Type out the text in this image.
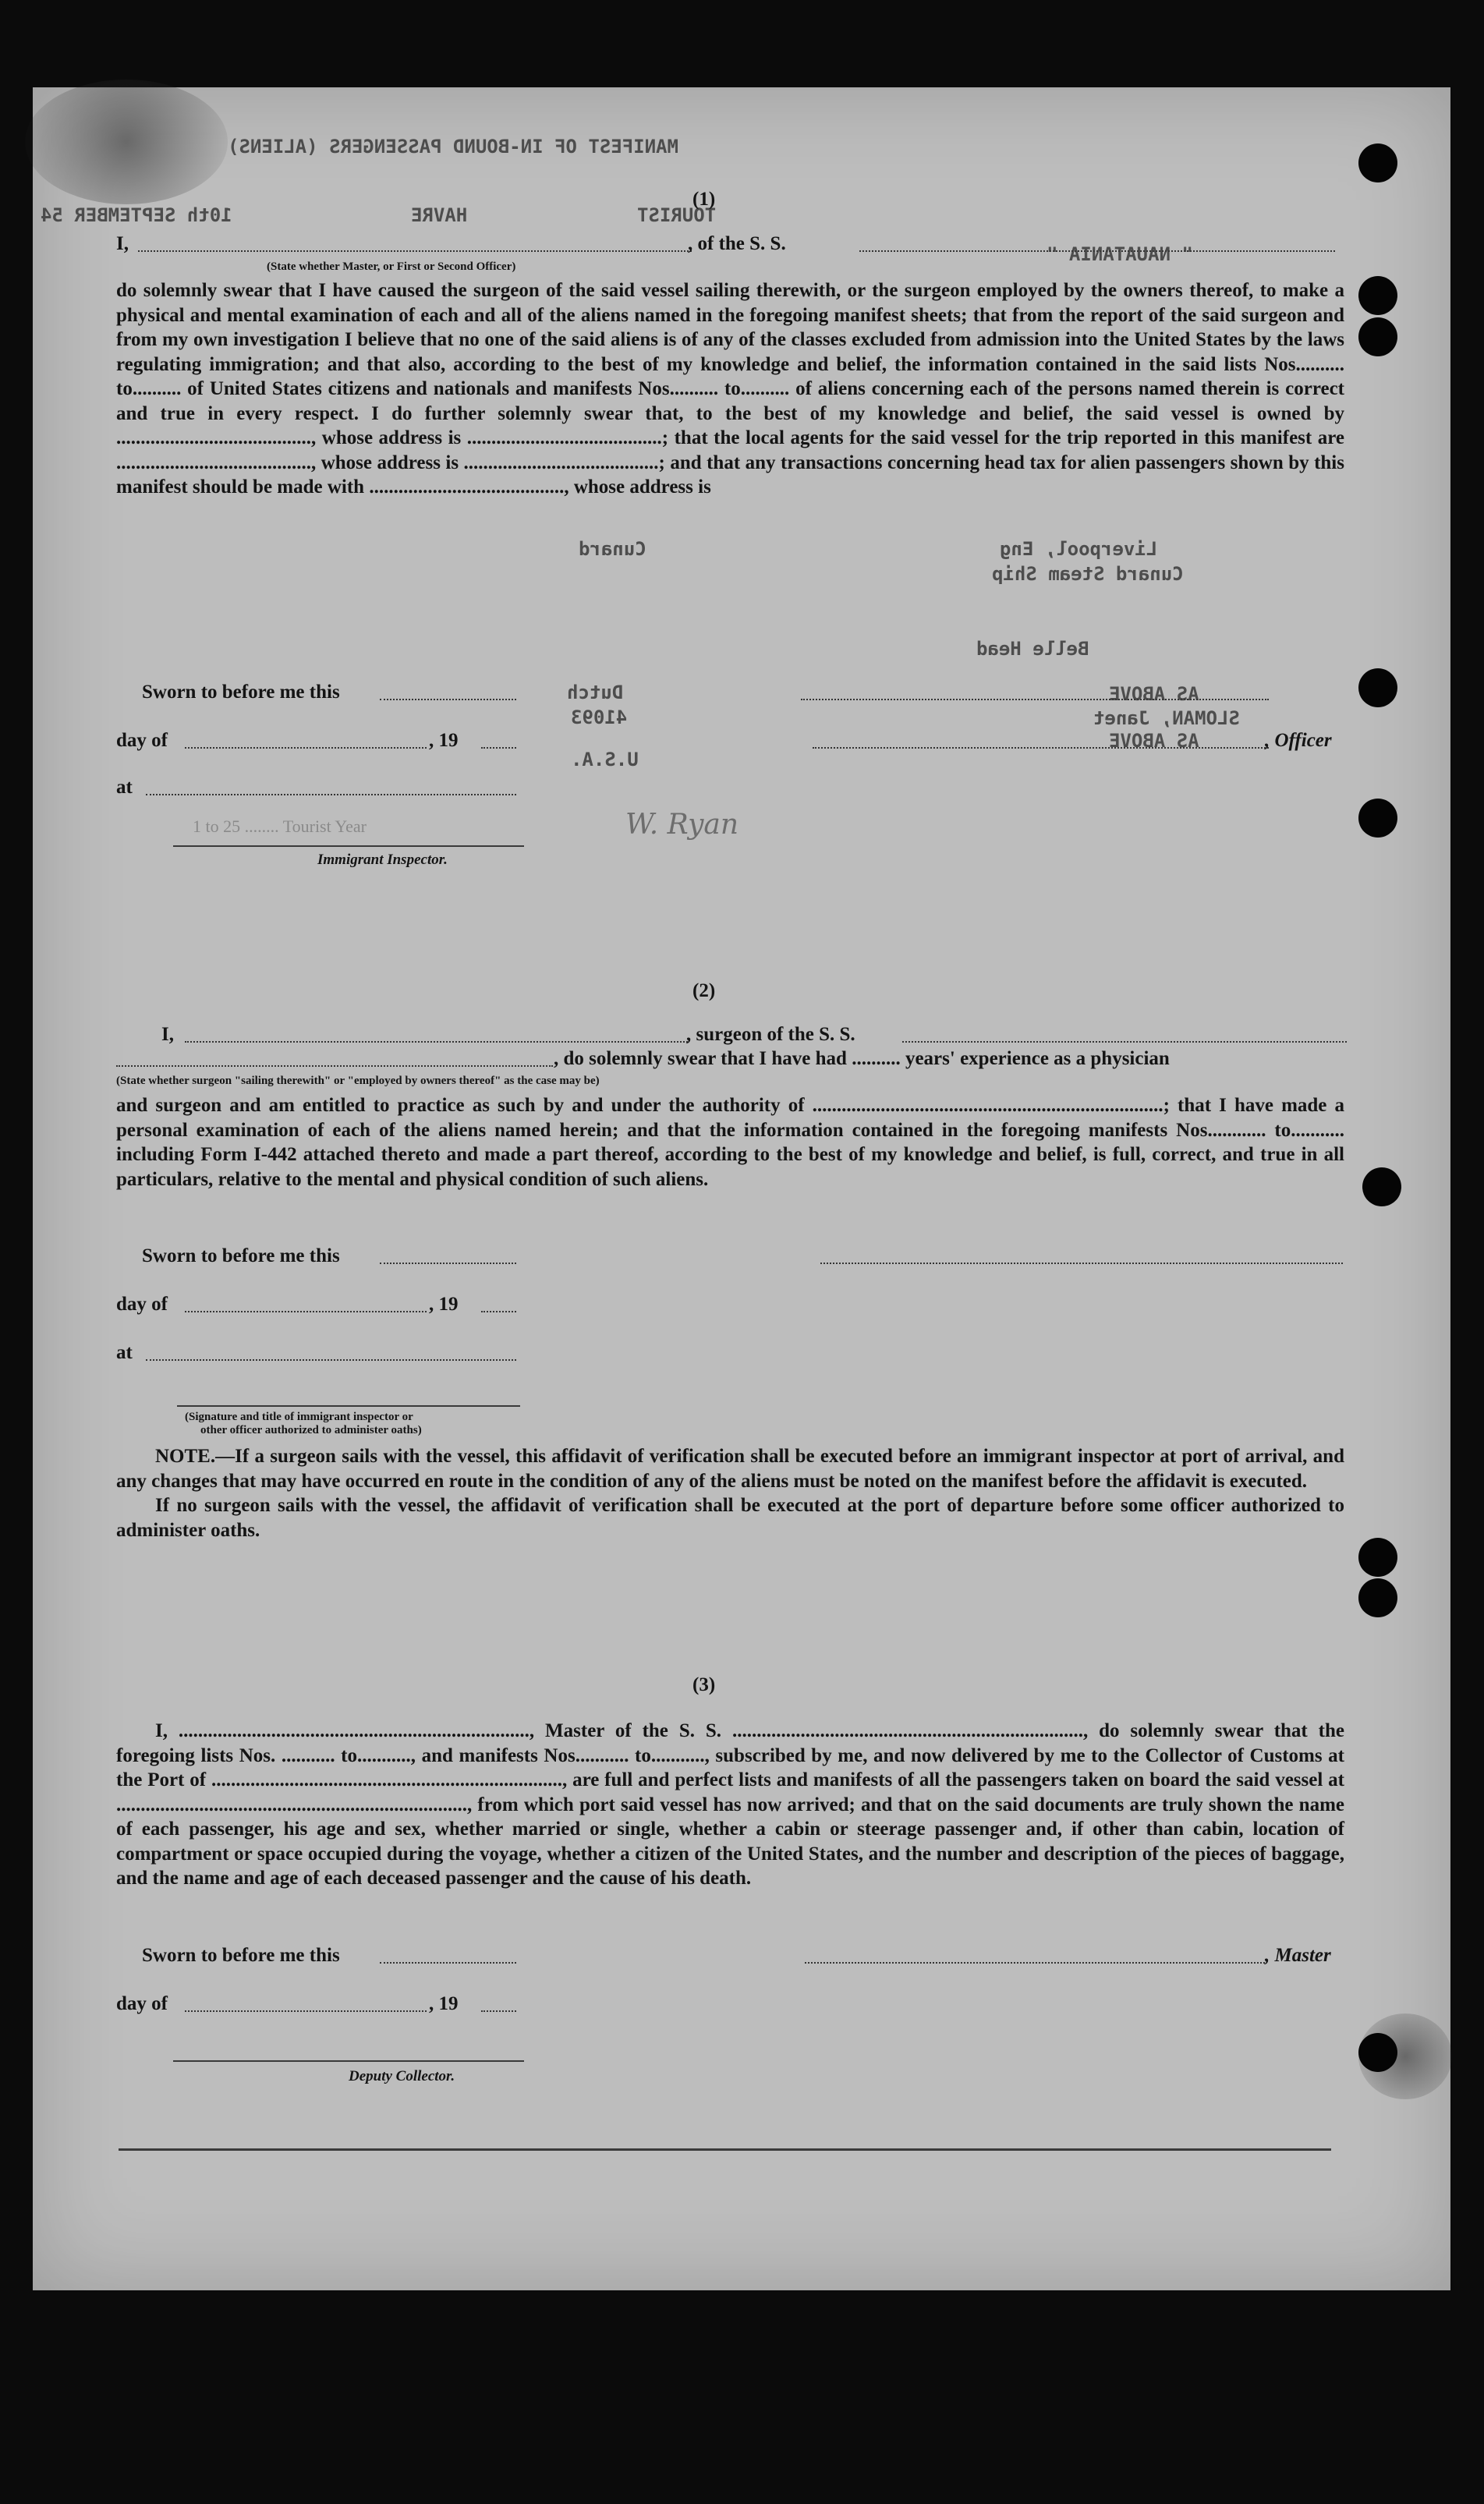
MANIFEST OF IN-BOUND PASSENGERS (ALIENS)
10th SEPTEMBER 54	HAVRE	TOURIST
(1)
I,	, of the S. S.	" NAUATANIA "
(State whether Master, or First or Second Officer)

do solemnly swear that I have caused the surgeon of the said vessel sailing therewith, or the surgeon employed by the owners thereof, to make a physical and mental examination of each and all of the aliens named in the foregoing manifest sheets; that from the report of the said surgeon and from my own investigation I believe that no one of the said aliens is of any of the classes excluded from admission into the United States by the laws regulating immigration; and that also, according to the best of my knowledge and belief, the information contained in the said lists Nos.......... to.......... of United States citizens and nationals and manifests Nos.......... to.......... of aliens concerning each of the persons named therein is correct and true in every respect. I do further solemnly swear that, to the best of my knowledge and belief, the said vessel is owned by ........................................, whose address is ........................................; that the local agents for the said vessel for the trip reported in this manifest are ........................................, whose address is ........................................; and that any transactions concerning head tax for alien passengers shown by this manifest should be made with ........................................, whose address is

Cunard	Liverpool, Eng
Cunard Steam Ship
Belle Head
Sworn to before me this	Dutch
41093
U.S.A.
AS ABOVE
SLOMAN, Janet
day of	, 19	AS ABOVE	, Officer
at
1 to 25 ........ Tourist Year	W. Ryan
Immigrant Inspector.
(2)
I,	, surgeon of the S. S.
, do solemnly swear that I have had .......... years' experience as a physician
(State whether surgeon "sailing therewith" or "employed by owners thereof" as the case may be)

and surgeon and am entitled to practice as such by and under the authority of ........................................................................; that I have made a personal examination of each of the aliens named herein; and that the information contained in the foregoing manifests Nos............ to........... including Form I-442 attached thereto and made a part thereof, according to the best of my knowledge and belief, is full, correct, and true in all particulars, relative to the mental and physical condition of such aliens.

Sworn to before me this
day of	, 19
at
(Signature and title of immigrant inspector or
other officer authorized to administer oaths)

NOTE.—If a surgeon sails with the vessel, this affidavit of verification shall be executed before an immigrant inspector at port of arrival, and any changes that may have occurred en route in the condition of any of the aliens must be noted on the manifest before the affidavit is executed.

If no surgeon sails with the vessel, the affidavit of verification shall be executed at the port of departure before some officer authorized to administer oaths.

(3)

I, ........................................................................, Master of the S. S. ........................................................................, do solemnly swear that the foregoing lists Nos. ........... to..........., and manifests Nos........... to..........., subscribed by me, and now delivered by me to the Collector of Customs at the Port of ........................................................................, are full and perfect lists and manifests of all the passengers taken on board the said vessel at ........................................................................, from which port said vessel has now arrived; and that on the said documents are truly shown the name of each passenger, his age and sex, whether married or single, whether a cabin or steerage passenger and, if other than cabin, location of compartment or space occupied during the voyage, whether a citizen of the United States, and the number and description of the pieces of baggage, and the name and age of each deceased passenger and the cause of his death.

Sworn to before me this	, Master
day of	, 19
Deputy Collector.
